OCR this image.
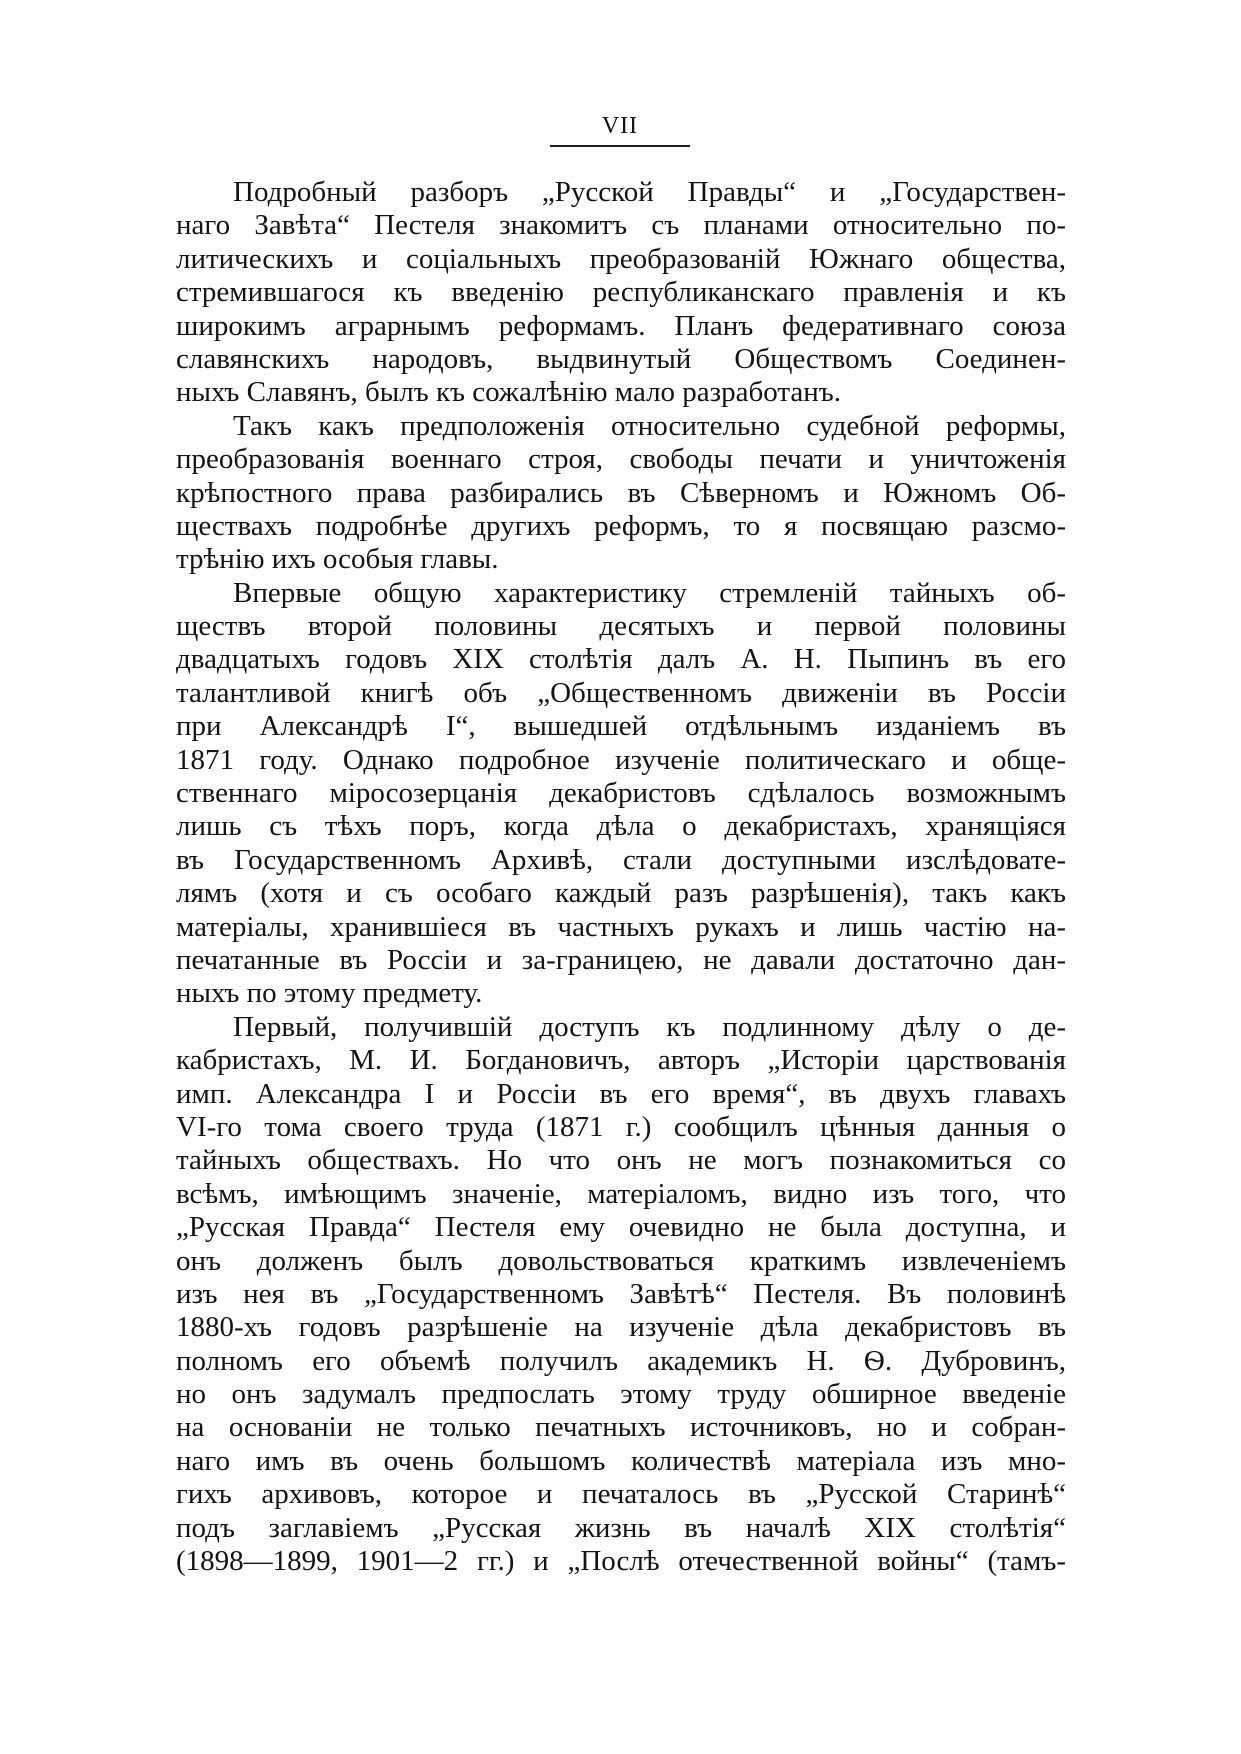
VII
Подробный разборъ „Русской Правды“ и „Государствен-
наго Завѣта“ Пестеля знакомитъ съ планами относительно по-
литическихъ и соціальныхъ преобразованій Южнаго общества,
стремившагося къ введенію республиканскаго правленія и къ
широкимъ аграрнымъ реформамъ. Планъ федеративнаго союза
славянскихъ народовъ, выдвинутый Обществомъ Соединен-
ныхъ Славянъ, былъ къ сожалѣнію мало разработанъ.
Такъ какъ предположенія относительно судебной реформы,
преобразованія военнаго строя, свободы печати и уничтоженія
крѣпостного права разбирались въ Сѣверномъ и Южномъ Об-
ществахъ подробнѣе другихъ реформъ, то я посвящаю разсмо-
трѣнію ихъ особыя главы.
Впервые общую характеристику стремленій тайныхъ об-
ществъ второй половины десятыхъ и первой половины
двадцатыхъ годовъ XIX столѣтія далъ А. Н. Пыпинъ въ его
талантливой книгѣ объ „Общественномъ движеніи въ Россіи
при Александрѣ I“, вышедшей отдѣльнымъ изданіемъ въ
1871 году. Однако подробное изученіе политическаго и обще-
ственнаго міросозерцанія декабристовъ сдѣлалось возможнымъ
лишь съ тѣхъ поръ, когда дѣла о декабристахъ, хранящіяся
въ Государственномъ Архивѣ, стали доступными изслѣдовате-
лямъ (хотя и съ особаго каждый разъ разрѣшенія), такъ какъ
матеріалы, хранившіеся въ частныхъ рукахъ и лишь частію на-
печатанные въ Россіи и за-границею, не давали достаточно дан-
ныхъ по этому предмету.
Первый, получившій доступъ къ подлинному дѣлу о де-
кабристахъ, М. И. Богдановичъ, авторъ „Исторіи царствованія
имп. Александра I и Россіи въ его время“, въ двухъ главахъ
VI-го тома своего труда (1871 г.) сообщилъ цѣнныя данныя о
тайныхъ обществахъ. Но что онъ не могъ познакомиться со
всѣмъ, имѣющимъ значеніе, матеріаломъ, видно изъ того, что
„Русская Правда“ Пестеля ему очевидно не была доступна, и
онъ долженъ былъ довольствоваться краткимъ извлеченіемъ
изъ нея въ „Государственномъ Завѣтѣ“ Пестеля. Въ половинѣ
1880-хъ годовъ разрѣшеніе на изученіе дѣла декабристовъ въ
полномъ его объемѣ получилъ академикъ Н. Ѳ. Дубровинъ,
но онъ задумалъ предпослать этому труду обширное введеніе
на основаніи не только печатныхъ источниковъ, но и собран-
наго имъ въ очень большомъ количествѣ матеріала изъ мно-
гихъ архивовъ, которое и печаталось въ „Русской Старинѣ“
подъ заглавіемъ „Русская жизнь въ началѣ XIX столѣтія“
(1898—1899, 1901—2 гг.) и „Послѣ отечественной войны“ (тамъ-
